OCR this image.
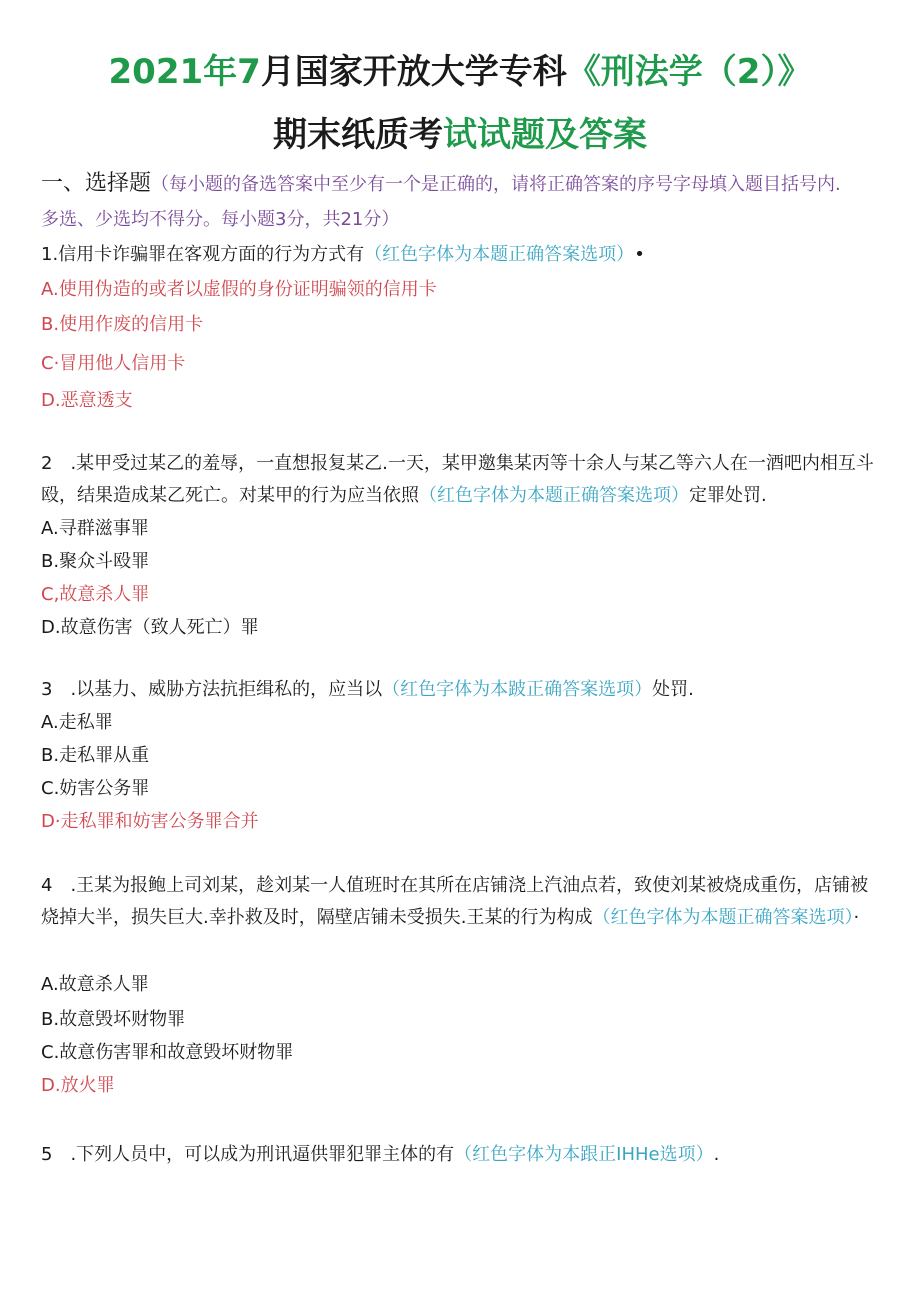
2021年7月国家开放大学专科《刑法学（2）》
期末纸质考试试题及答案
一、选择题（每小题的备选答案中至少有一个是正确的，请将正确答案的序号字母填入题目括号内.
多选、少选均不得分。每小题3分，共21分）
1.信用卡诈骗罪在客观方面的行为方式有（红色字体为本题正确答案选项）•
A.使用伪造的或者以虚假的身份证明骗领的信用卡
B.使用作废的信用卡
C·冒用他人信用卡
D.恶意透支
2　.某甲受过某乙的羞辱，一直想报复某乙.一天，某甲邀集某丙等十余人与某乙等六人在一酒吧内相互斗殴，结果造成某乙死亡。对某甲的行为应当依照（红色字体为本题正确答案选项）定罪处罚.
A.寻群滋事罪
B.聚众斗殴罪
C,故意杀人罪
D.故意伤害（致人死亡）罪
3　.以基力、威胁方法抗拒缉私的，应当以（红色字体为本跛正确答案选项）处罚.
A.走私罪
B.走私罪从重
C.妨害公务罪
D·走私罪和妨害公务罪合并
4　.王某为报鲍上司刘某，趁刘某一人值班时在其所在店铺浇上汽油点若，致使刘某被烧成重伤，店铺被烧掉大半，损失巨大.幸扑救及时，隔壁店铺未受损失.王某的行为构成（红色字体为本题正确答案选项）·
A.故意杀人罪
B.故意毁坏财物罪
C.故意伤害罪和故意毁坏财物罪
D.放火罪
5　.下列人员中，可以成为刑讯逼供罪犯罪主体的有（红色字体为本跟正IHHe选项）.
